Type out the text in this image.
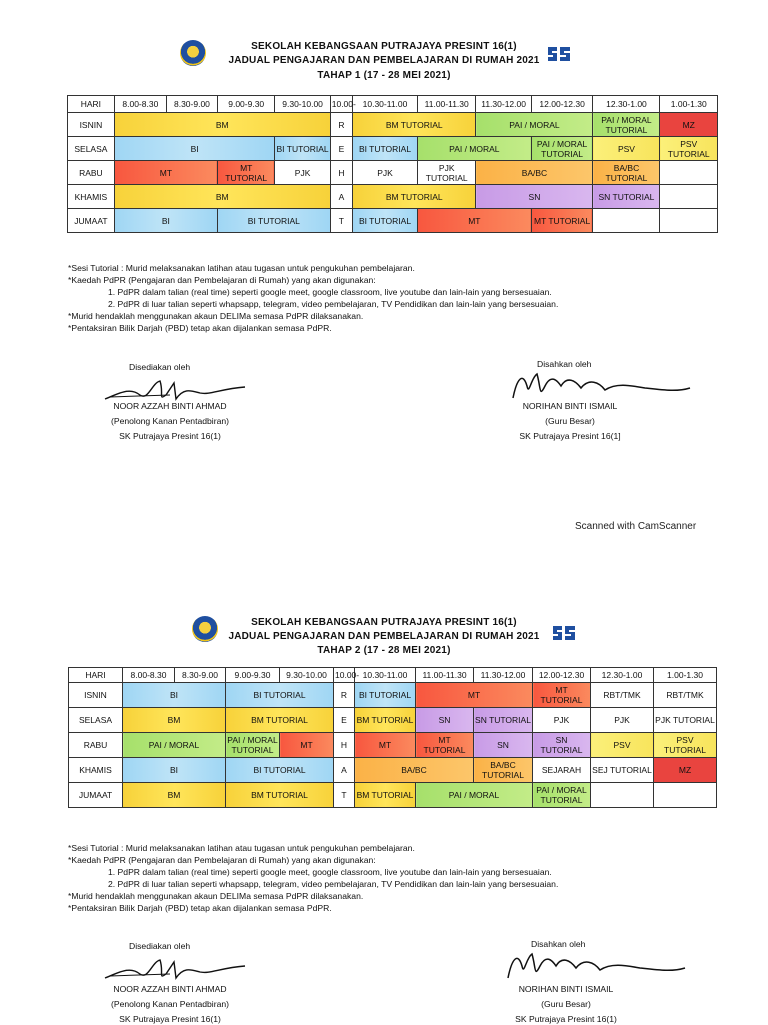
SEKOLAH KEBANGSAAN PUTRAJAYA PRESINT 16(1)
JADUAL PENGAJARAN DAN PEMBELAJARAN DI RUMAH 2021
TAHAP 1 (17 - 28 MEI 2021)
HARI	8.00-8.30	8.30-9.00	9.00-9.30	9.30-10.00	10.00-	10.30-11.00	11.00-11.30	11.30-12.00	12.00-12.30	12.30-1.00	1.00-1.30
ISNIN	BM				R	BM TUTORIAL		PAI / MORAL		PAI / MORAL TUTORIAL	MZ
SELASA	BI			BI TUTORIAL	E	BI TUTORIAL	PAI / MORAL		PAI / MORAL TUTORIAL	PSV	PSV TUTORIAL
RABU	MT		MT TUTORIAL	PJK	H	PJK	PJK TUTORIAL	BA/BC		BA/BC TUTORIAL	
KHAMIS	BM				A	BM TUTORIAL		SN		SN TUTORIAL	
JUMAAT	BI		BI TUTORIAL		T	BI TUTORIAL	MT		MT TUTORIAL		
*Sesi Tutorial : Murid melaksanakan latihan atau tugasan untuk pengukuhan pembelajaran.
*Kaedah PdPR (Pengajaran dan Pembelajaran di Rumah) yang akan digunakan:
1. PdPR dalam talian (real time) seperti google meet, google classroom, live youtube dan lain-lain yang bersesuaian.
2. PdPR di luar talian seperti whapsapp, telegram, video pembelajaran, TV Pendidikan dan lain-lain yang bersesuaian.
*Murid hendaklah menggunakan akaun DELIMa semasa PdPR dilaksanakan.
*Pentaksiran Bilik Darjah (PBD) tetap akan dijalankan semasa PdPR.
Disediakan oleh
NOOR AZZAH BINTI AHMAD
(Penolong Kanan Pentadbiran)
SK Putrajaya Presint 16(1)
Disahkan oleh
NORIHAN BINTI ISMAIL
(Guru Besar)
SK Putrajaya Presint 16(1]
Scanned with CamScanner
SEKOLAH KEBANGSAAN PUTRAJAYA PRESINT 16(1)
JADUAL PENGAJARAN DAN PEMBELAJARAN DI RUMAH 2021
TAHAP 2 (17 - 28 MEI 2021)
HARI	8.00-8.30	8.30-9.00	9.00-9.30	9.30-10.00	10.00-	10.30-11.00	11.00-11.30	11.30-12.00	12.00-12.30	12.30-1.00	1.00-1.30
ISNIN	BI		BI TUTORIAL		R	BI TUTORIAL	MT		MT TUTORIAL	RBT/TMK	RBT/TMK
SELASA	BM		BM TUTORIAL		E	BM TUTORIAL	SN	SN TUTORIAL	PJK	PJK	PJK TUTORIAL
RABU	PAI / MORAL		PAI / MORAL TUTORIAL	MT	H	MT	MT TUTORIAL	SN	SN TUTORIAL	PSV	PSV TUTORIAL
KHAMIS	BI		BI TUTORIAL		A	BA/BC		BA/BC TUTORIAL	SEJARAH	SEJ TUTORIAL	MZ
JUMAAT	BM		BM TUTORIAL		T	BM TUTORIAL	PAI / MORAL		PAI / MORAL TUTORIAL		
*Sesi Tutorial : Murid melaksanakan latihan atau tugasan untuk pengukuhan pembelajaran.
*Kaedah PdPR (Pengajaran dan Pembelajaran di Rumah) yang akan digunakan:
1. PdPR dalam talian (real time) seperti google meet, google classroom, live youtube dan lain-lain yang bersesuaian.
2. PdPR di luar talian seperti whapsapp, telegram, video pembelajaran, TV Pendidikan dan lain-lain yang bersesuaian.
*Murid hendaklah menggunakan akaun DELIMa semasa PdPR dilaksanakan.
*Pentaksiran Bilik Darjah (PBD) tetap akan dijalankan semasa PdPR.
Disediakan oleh
NOOR AZZAH BINTI AHMAD
(Penolong Kanan Pentadbiran)
SK Putrajaya Presint 16(1)
Disahkan oleh
NORIHAN BINTI ISMAIL
(Guru Besar)
SK Putrajaya Presint 16(1)
